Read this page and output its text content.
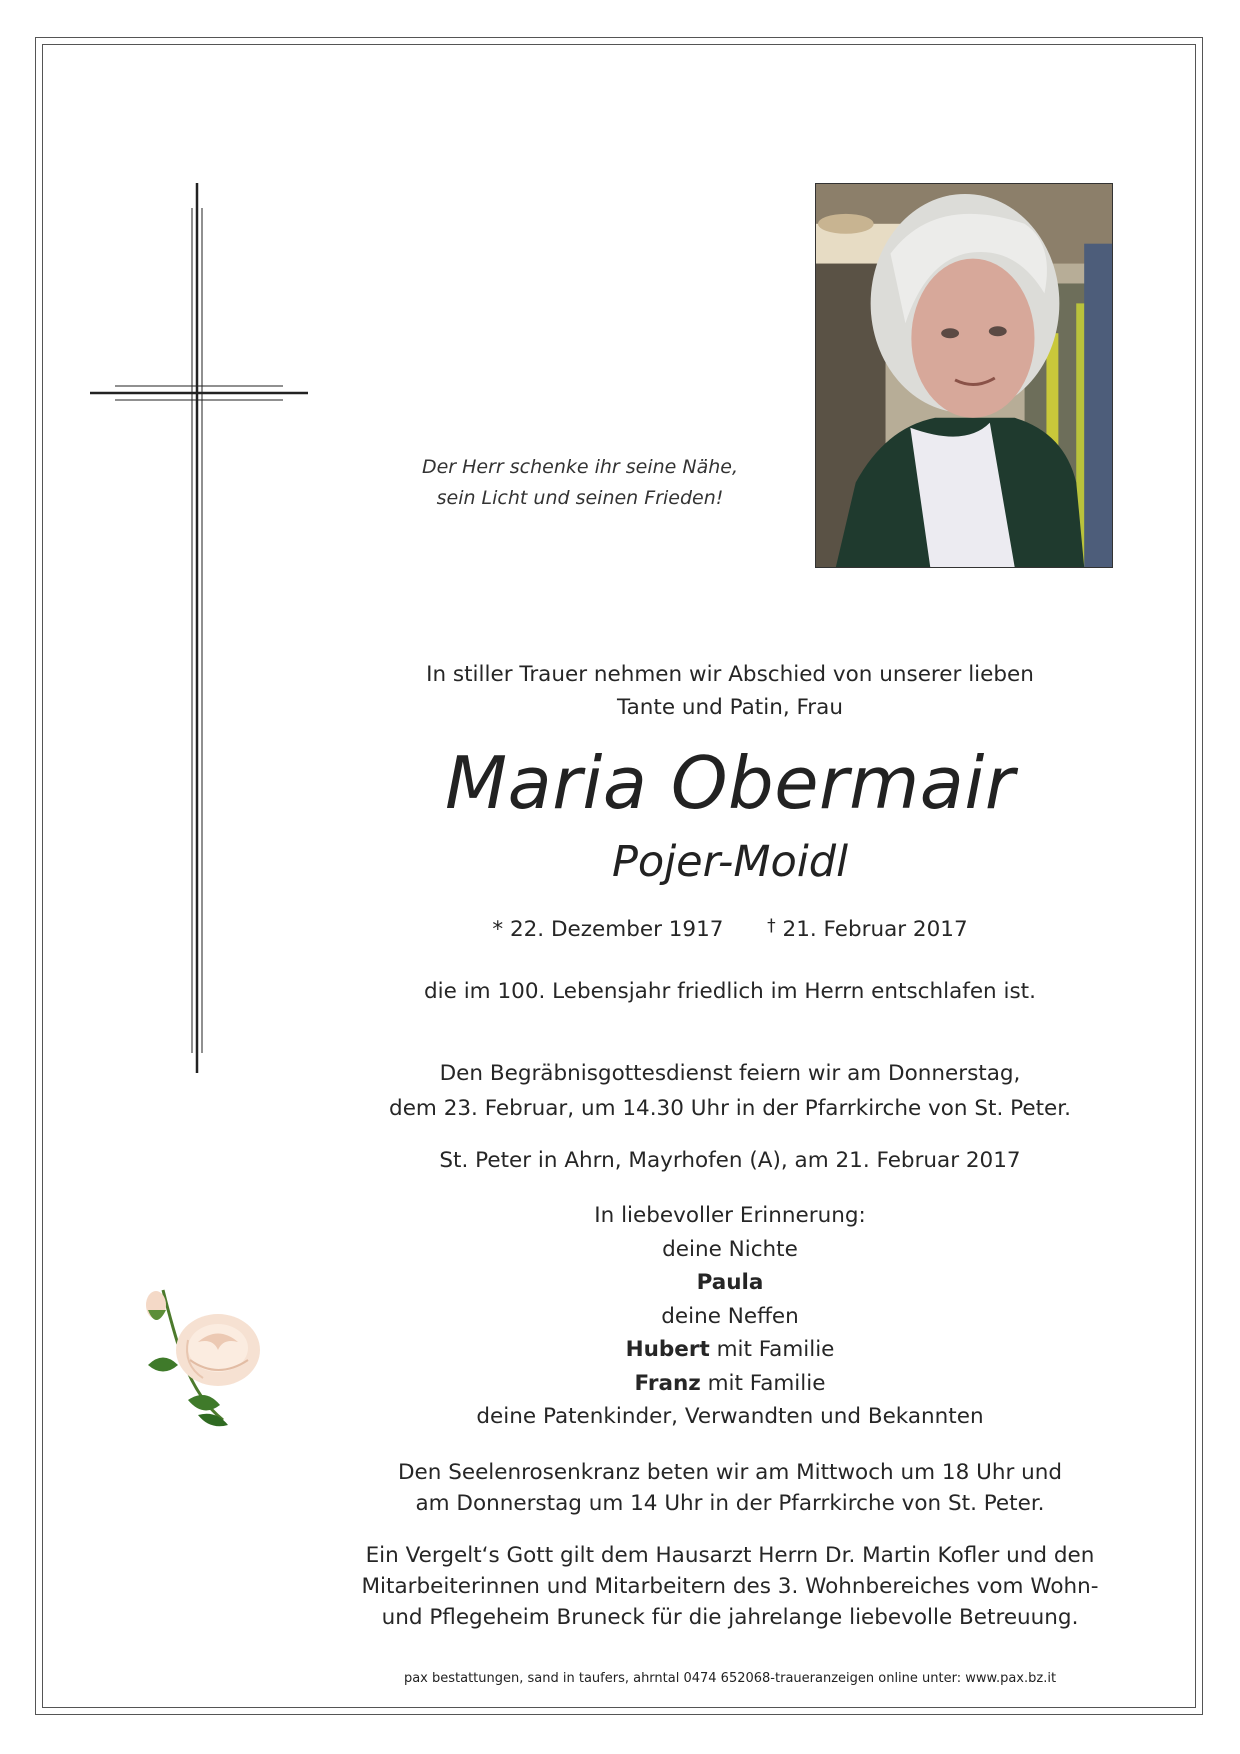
Der Herr schenke ihr seine Nähe,
sein Licht und seinen Frieden!
In stiller Trauer nehmen wir Abschied von unserer lieben
Tante und Patin, Frau
Maria Obermair
Pojer-Moidl
* 22. Dezember 1917	† 21. Februar 2017
die im 100. Lebensjahr friedlich im Herrn entschlafen ist.
Den Begräbnisgottesdienst feiern wir am Donnerstag,
dem 23. Februar, um 14.30 Uhr in der Pfarrkirche von St. Peter.
St. Peter in Ahrn, Mayrhofen (A), am 21. Februar 2017
In liebevoller Erinnerung:
deine Nichte
Paula
deine Neffen
Hubert mit Familie
Franz mit Familie
deine Patenkinder, Verwandten und Bekannten
Den Seelenrosenkranz beten wir am Mittwoch um 18 Uhr und
am Donnerstag um 14 Uhr in der Pfarrkirche von St. Peter.
Ein Vergelt‘s Gott gilt dem Hausarzt Herrn Dr. Martin Kofler und den
Mitarbeiterinnen und Mitarbeitern des 3. Wohnbereiches vom Wohn-
und Pflegeheim Bruneck für die jahrelange liebevolle Betreuung.
pax bestattungen, sand in taufers, ahrntal 0474 652068-traueranzeigen online unter: www.pax.bz.it
